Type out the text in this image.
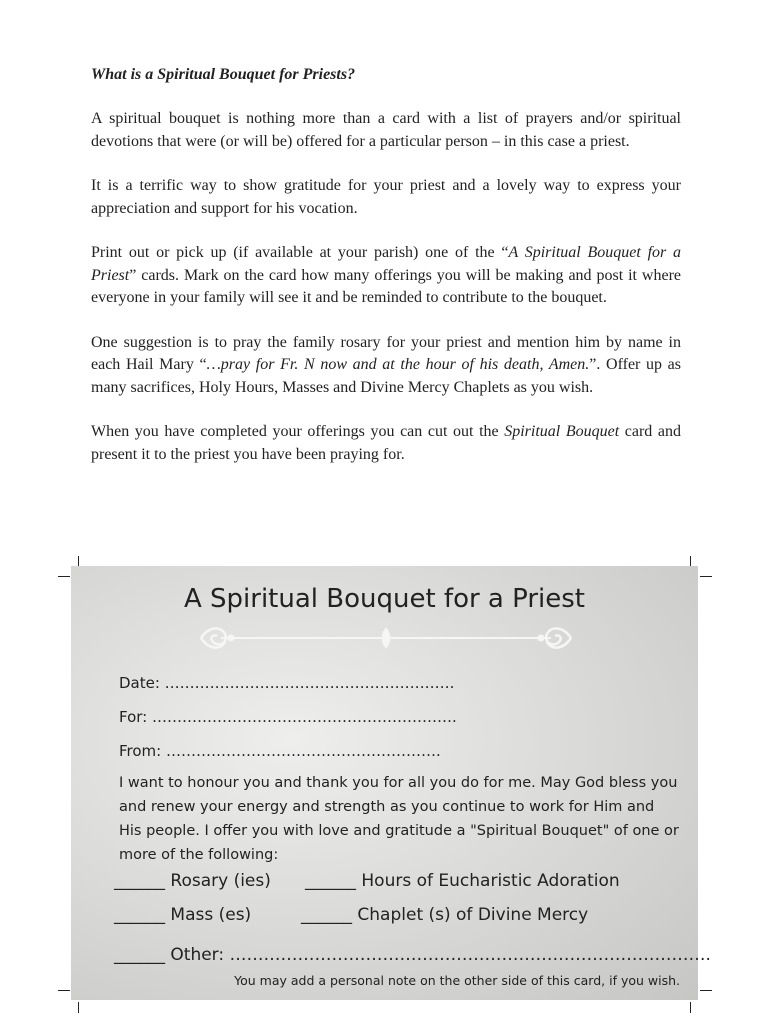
What is a Spiritual Bouquet for Priests?

A spiritual bouquet is nothing more than a card with a list of prayers and/or spiritual devotions that were (or will be) offered for a particular person – in this case a priest.

It is a terrific way to show gratitude for your priest and a lovely way to express your appreciation and support for his vocation.

Print out or pick up (if available at your parish) one of the “A Spiritual Bouquet for a Priest” cards. Mark on the card how many offerings you will be making and post it where everyone in your family will see it and be reminded to contribute to the bouquet.

One suggestion is to pray the family rosary for your priest and mention him by name in each Hail Mary “…pray for Fr. N now and at the hour of his death, Amen.”. Offer up as many sacrifices, Holy Hours, Masses and Divine Mercy Chaplets as you wish.

When you have completed your offerings you can cut out the Spiritual Bouquet card and present it to the priest you have been praying for.

A Spiritual Bouquet for a Priest
Date: ………………………………………………….
For: …………………………………………………….
From: ……………………………………………….
I want to honour you and thank you for all you do for me. May God bless you and renew your energy and strength as you continue to work for Him and His people. I offer you with love and gratitude a "Spiritual Bouquet" of one or more of the following:
______ Rosary (ies) ______ Hours of Eucharistic Adoration
______ Mass (es)	______ Chaplet (s) of Divine Mercy
______ Other: ………………………………………………………………………….
You may add a personal note on the other side of this card, if you wish.
